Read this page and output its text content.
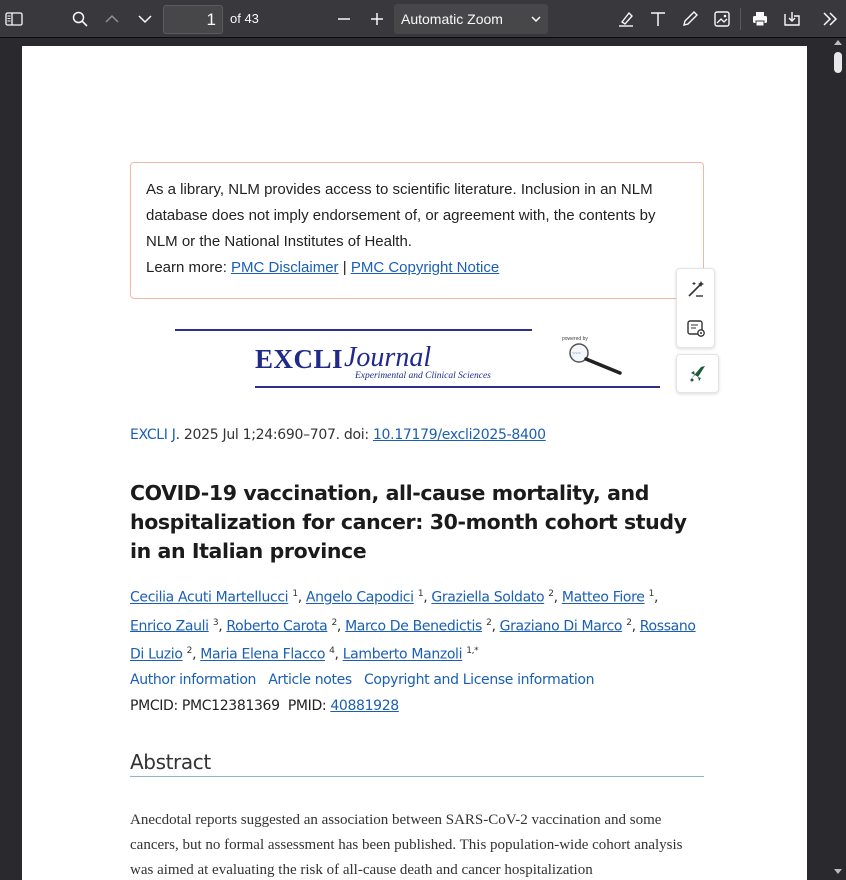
1
of 43	Automatic Zoom
As a library, NLM provides access to scientific literature. Inclusion in an NLM database does not imply endorsement of, or agreement with, the contents by NLM or the National Institutes of Health.
Learn more: PMC Disclaimer | PMC Copyright Notice
EXCLI Journal
Experimental and Clinical Sciences
powered by
~~~
EXCLI J. 2025 Jul 1;24:690–707. doi: 10.17179/excli2025-8400
COVID-19 vaccination, all-cause mortality, and hospitalization for cancer: 30-month cohort study in an Italian province
Cecilia Acuti Martellucci $^1$, Angelo Capodici $^1$, Graziella Soldato $^2$, Matteo Fiore $^1$, Enrico Zauli $^3$, Roberto Carota $^2$, Marco De Benedictis $^2$, Graziano Di Marco $^2$, Rossano Di Luzio $^2$, Maria Elena Flacco $^4$, Lamberto Manzoli $^{1,*}$
Author information Article notes Copyright and License information
PMCID: PMC12381369 PMID: 40881928
Abstract

Anecdotal reports suggested an association between SARS-CoV-2 vaccination and some cancers, but no formal assessment has been published. This population-wide cohort analysis was aimed at evaluating the risk of all-cause death and cancer hospitalization
